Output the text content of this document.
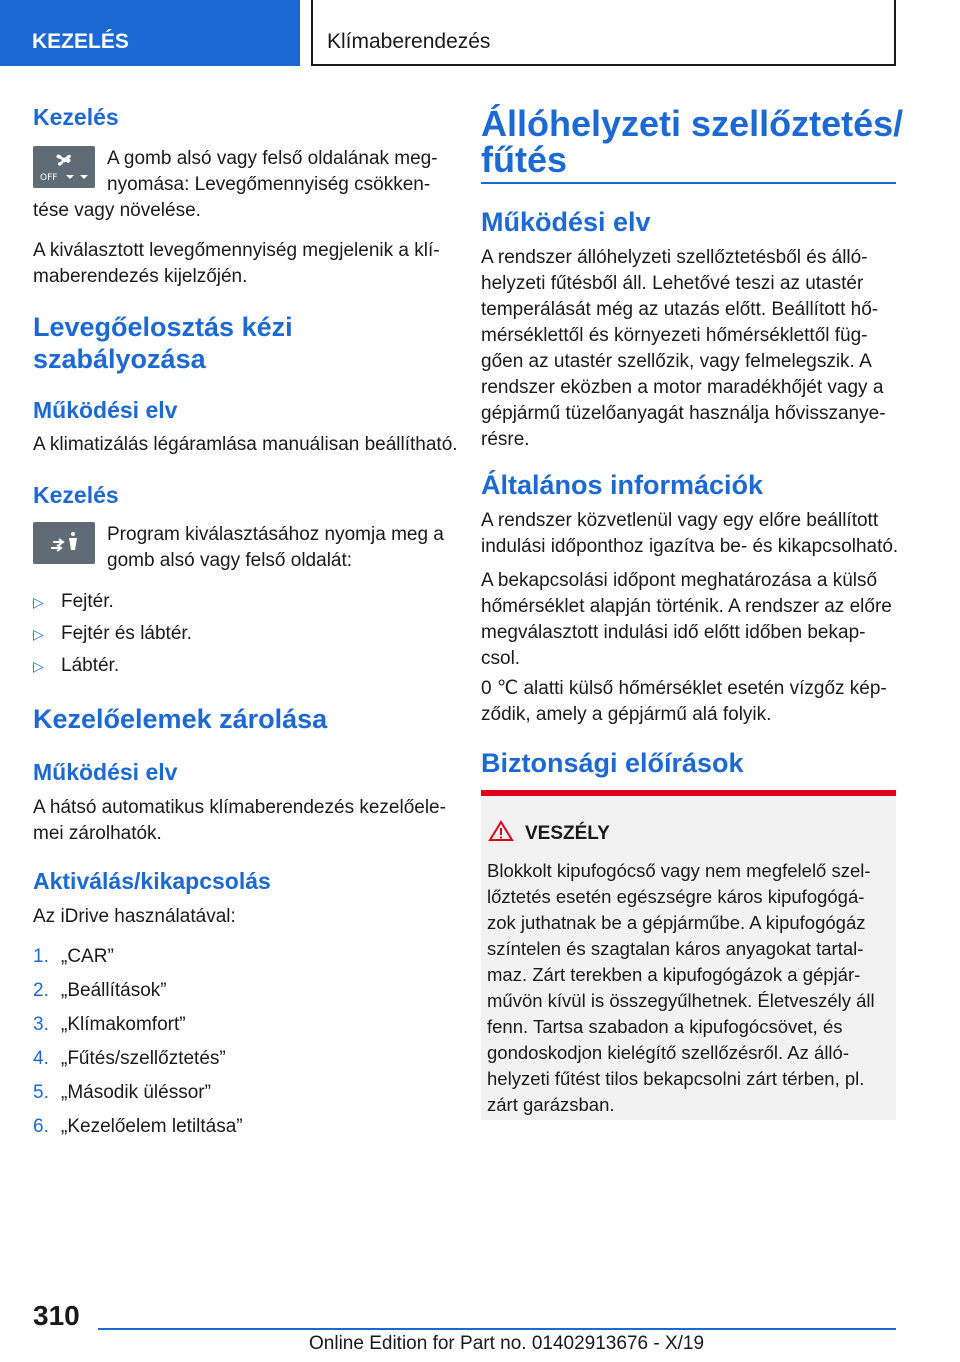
KEZELÉS	Klímaberendezés
Kezelés
OFF
A gomb alsó vagy felső oldalának meg-
nyomása: Levegőmennyiség csökken-
tése vagy növelése.
A kiválasztott levegőmennyiség megjelenik a klí-
maberendezés kijelzőjén.
Levegőelosztás kézi
szabályozása
Működési elv
A klimatizálás légáramlása manuálisan beállítható.
Kezelés
Program kiválasztásához nyomja meg a
gomb alsó vagy felső oldalát:
▷ Fejtér.
▷ Fejtér és lábtér.
▷ Lábtér.
Kezelőelemek zárolása
Működési elv
A hátsó automatikus klímaberendezés kezelőele-
mei zárolhatók.
Aktiválás/kikapcsolás
Az iDrive használatával:
1. „CAR”
2. „Beállítások”
3. „Klímakomfort”
4. „Fűtés/szellőztetés”
5. „Második üléssor”
6. „Kezelőelem letiltása”
Állóhelyzeti szellőztetés/
fűtés
Működési elv
A rendszer állóhelyzeti szellőztetésből és álló-
helyzeti fűtésből áll. Lehetővé teszi az utastér
temperálását még az utazás előtt. Beállított hő-
mérséklettől és környezeti hőmérséklettől füg-
gően az utastér szellőzik, vagy felmelegszik. A
rendszer eközben a motor maradékhőjét vagy a
gépjármű tüzelőanyagát használja hővisszanye-
résre.
Általános információk
A rendszer közvetlenül vagy egy előre beállított
indulási időponthoz igazítva be- és kikapcsolható.
A bekapcsolási időpont meghatározása a külső
hőmérséklet alapján történik. A rendszer az előre
megválasztott indulási idő előtt időben bekap-
csol.
0 ℃ alatti külső hőmérséklet esetén vízgőz kép-
ződik, amely a gépjármű alá folyik.
Biztonsági előírások
VESZÉLY
Blokkolt kipufogócső vagy nem megfelelő szel-
lőztetés esetén egészségre káros kipufogógá-
zok juthatnak be a gépjárműbe. A kipufogógáz
színtelen és szagtalan káros anyagokat tartal-
maz. Zárt terekben a kipufogógázok a gépjár-
művön kívül is összegyűlhetnek. Életveszély áll
fenn. Tartsa szabadon a kipufogócsövet, és
gondoskodjon kielégítő szellőzésről. Az álló-
helyzeti fűtést tilos bekapcsolni zárt térben, pl.
zárt garázsban.
310
Online Edition for Part no. 01402913676 - X/19
